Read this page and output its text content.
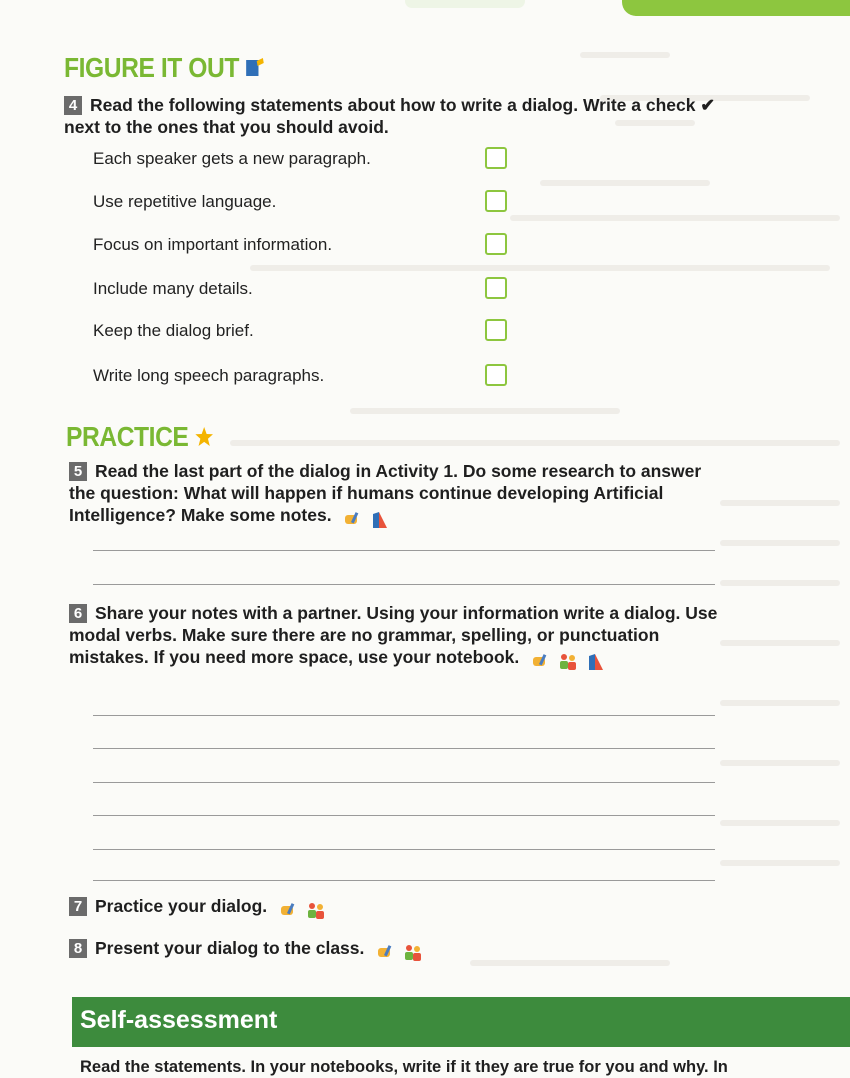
FIGURE IT OUT
4 Read the following statements about how to write a dialog. Write a check ✔ next to the ones that you should avoid.
Each speaker gets a new paragraph.
Use repetitive language.
Focus on important information.
Include many details.
Keep the dialog brief.
Write long speech paragraphs.
PRACTICE
5 Read the last part of the dialog in Activity 1. Do some research to answer the question: What will happen if humans continue developing Artificial Intelligence? Make some notes.
6 Share your notes with a partner. Using your information write a dialog. Use modal verbs. Make sure there are no grammar, spelling, or punctuation mistakes. If you need more space, use your notebook.
7 Practice your dialog.
8 Present your dialog to the class.
Self-assessment
Read the statements. In your notebooks, write if it they are true for you and why. In
